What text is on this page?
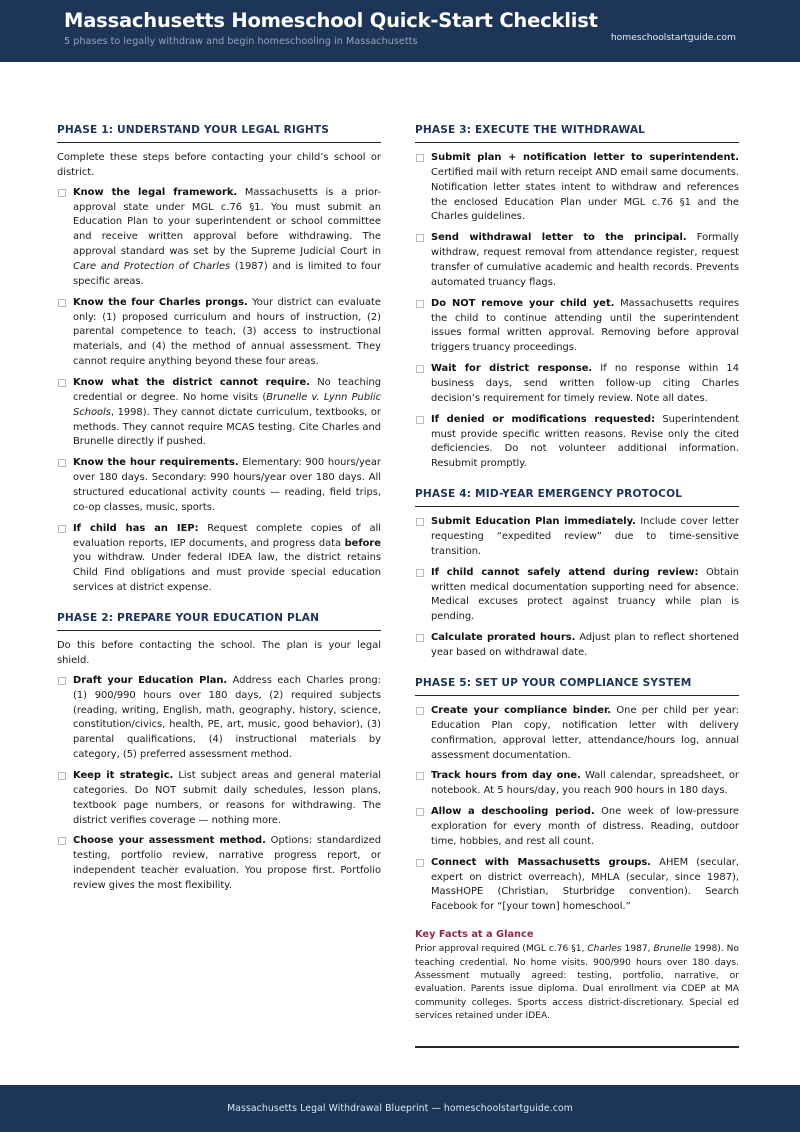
Massachusetts Homeschool Quick-Start Checklist
5 phases to legally withdraw and begin homeschooling in Massachusetts	homeschoolstartguide.com
PHASE 1: UNDERSTAND YOUR LEGAL RIGHTS

Complete these steps before contacting your child’s school or district.

Know the legal framework. Massachusetts is a prior-approval state under MGL c.76 §1. You must submit an Education Plan to your superintendent or school committee and receive written approval before withdrawing. The approval standard was set by the Supreme Judicial Court in Care and Protection of Charles (1987) and is limited to four specific areas.
Know the four Charles prongs. Your district can evaluate only: (1) proposed curriculum and hours of instruction, (2) parental competence to teach, (3) access to instructional materials, and (4) the method of annual assessment. They cannot require anything beyond these four areas.
Know what the district cannot require. No teaching credential or degree. No home visits (Brunelle v. Lynn Public Schools, 1998). They cannot dictate curriculum, textbooks, or methods. They cannot require MCAS testing. Cite Charles and Brunelle directly if pushed.
Know the hour requirements. Elementary: 900 hours/year over 180 days. Secondary: 990 hours/year over 180 days. All structured educational activity counts — reading, field trips, co-op classes, music, sports.
If child has an IEP: Request complete copies of all evaluation reports, IEP documents, and progress data before you withdraw. Under federal IDEA law, the district retains Child Find obligations and must provide special education services at district expense.
PHASE 2: PREPARE YOUR EDUCATION PLAN

Do this before contacting the school. The plan is your legal shield.

Draft your Education Plan. Address each Charles prong: (1) 900/990 hours over 180 days, (2) required subjects (reading, writing, English, math, geography, history, science, constitution/civics, health, PE, art, music, good behavior), (3) parental qualifications, (4) instructional materials by category, (5) preferred assessment method.
Keep it strategic. List subject areas and general material categories. Do NOT submit daily schedules, lesson plans, textbook page numbers, or reasons for withdrawing. The district verifies coverage — nothing more.
Choose your assessment method. Options: standardized testing, portfolio review, narrative progress report, or independent teacher evaluation. You propose first. Portfolio review gives the most flexibility.
PHASE 3: EXECUTE THE WITHDRAWAL
Submit plan + notification letter to superintendent. Certified mail with return receipt AND email same documents. Notification letter states intent to withdraw and references the enclosed Education Plan under MGL c.76 §1 and the Charles guidelines.
Send withdrawal letter to the principal. Formally withdraw, request removal from attendance register, request transfer of cumulative academic and health records. Prevents automated truancy flags.
Do NOT remove your child yet. Massachusetts requires the child to continue attending until the superintendent issues formal written approval. Removing before approval triggers truancy proceedings.
Wait for district response. If no response within 14 business days, send written follow-up citing Charles decision’s requirement for timely review. Note all dates.
If denied or modifications requested: Superintendent must provide specific written reasons. Revise only the cited deficiencies. Do not volunteer additional information. Resubmit promptly.
PHASE 4: MID-YEAR EMERGENCY PROTOCOL
Submit Education Plan immediately. Include cover letter requesting “expedited review” due to time-sensitive transition.
If child cannot safely attend during review: Obtain written medical documentation supporting need for absence. Medical excuses protect against truancy while plan is pending.
Calculate prorated hours. Adjust plan to reflect shortened year based on withdrawal date.
PHASE 5: SET UP YOUR COMPLIANCE SYSTEM
Create your compliance binder. One per child per year: Education Plan copy, notification letter with delivery confirmation, approval letter, attendance/hours log, annual assessment documentation.
Track hours from day one. Wall calendar, spreadsheet, or notebook. At 5 hours/day, you reach 900 hours in 180 days.
Allow a deschooling period. One week of low-pressure exploration for every month of distress. Reading, outdoor time, hobbies, and rest all count.
Connect with Massachusetts groups. AHEM (secular, expert on district overreach), MHLA (secular, since 1987), MassHOPE (Christian, Sturbridge convention). Search Facebook for “[your town] homeschool.”
Key Facts at a Glance

Prior approval required (MGL c.76 §1, Charles 1987, Brunelle 1998). No teaching credential. No home visits. 900/990 hours over 180 days. Assessment mutually agreed: testing, portfolio, narrative, or evaluation. Parents issue diploma. Dual enrollment via CDEP at MA community colleges. Sports access district-discretionary. Special ed services retained under IDEA.

Massachusetts Legal Withdrawal Blueprint — homeschoolstartguide.com
